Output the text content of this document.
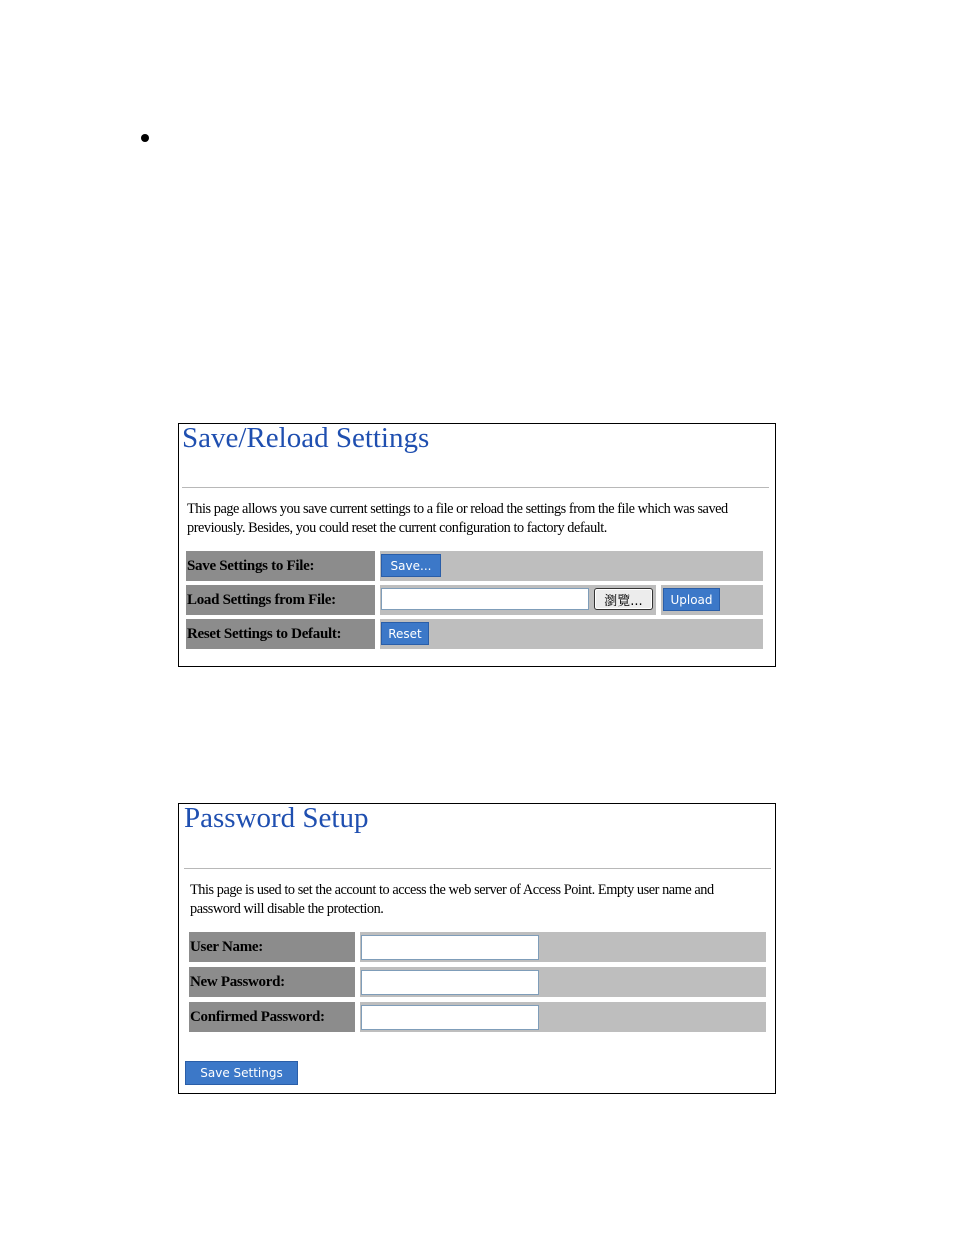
Save/Reload Settings

This page allows you save current settings to a file or reload the settings from the file which was saved previously. Besides, you could reset the current configuration to factory default.

Save Settings to File:	Save...
Load Settings from File:	瀏覽...	Upload
Reset Settings to Default:	Reset
Password Setup

This page is used to set the account to access the web server of Access Point. Empty user name and password will disable the protection.

User Name:
New Password:
Confirmed Password:
Save Settings
